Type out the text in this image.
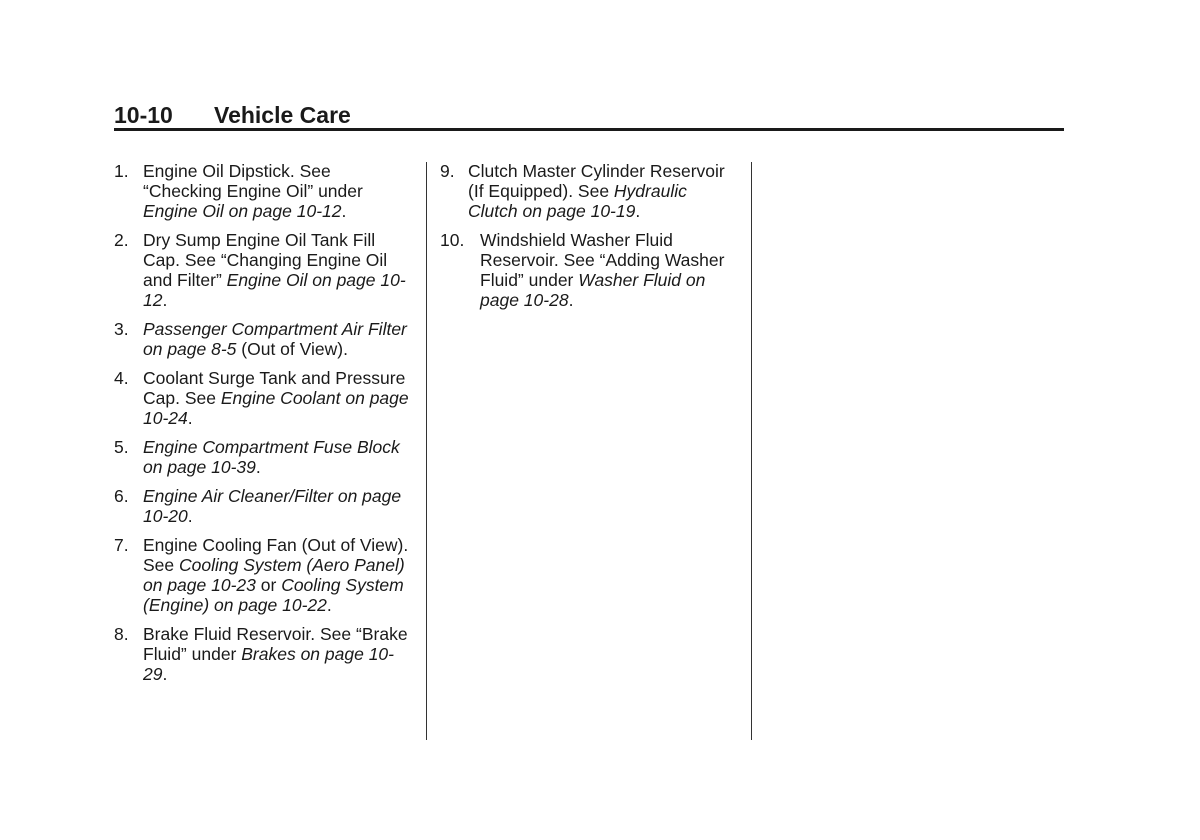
10-10 Vehicle Care
1. Engine Oil Dipstick. See “Checking Engine Oil” under Engine Oil on page 10-12.
2. Dry Sump Engine Oil Tank Fill Cap. See “Changing Engine Oil and Filter” Engine Oil on page 10-12.
3. Passenger Compartment Air Filter on page 8-5 (Out of View).
4. Coolant Surge Tank and Pressure Cap. See Engine Coolant on page 10-24.
5. Engine Compartment Fuse Block on page 10-39.
6. Engine Air Cleaner/Filter on page 10-20.
7. Engine Cooling Fan (Out of View). See Cooling System (Aero Panel) on page 10-23 or Cooling System (Engine) on page 10-22.
8. Brake Fluid Reservoir. See “Brake Fluid” under Brakes on page 10-29.
9. Clutch Master Cylinder Reservoir (If Equipped). See Hydraulic Clutch on page 10-19.
10. Windshield Washer Fluid Reservoir. See “Adding Washer Fluid” under Washer Fluid on page 10-28.
